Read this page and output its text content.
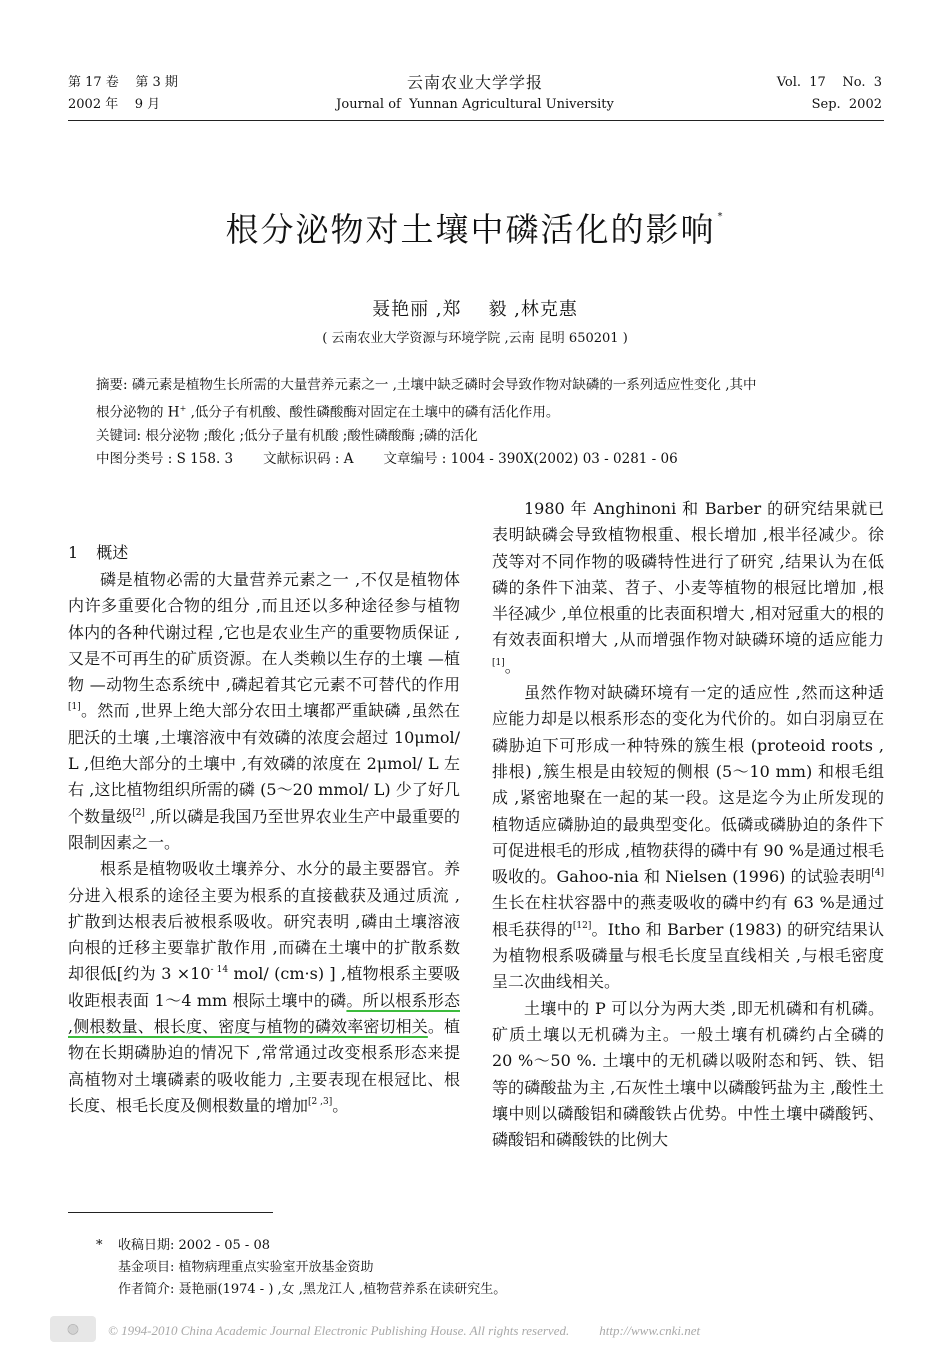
第 17 卷    第 3 期
2002 年    9 月
云南农业大学学报
Journal of  Yunnan Agricultural University
Vol.  17    No.  3
Sep.  2002
根分泌物对土壤中磷活化的影响 *
聂艳丽 ,郑    毅 ,林克惠
( 云南农业大学资源与环境学院 ,云南 昆明 650201 )

摘要: 磷元素是植物生长所需的大量营养元素之一 ,土壤中缺乏磷时会导致作物对缺磷的一系列适应性变化 ,其中

根分泌物的 H+ ,低分子有机酸、酸性磷酸酶对固定在土壤中的磷有活化作用。

关键词: 根分泌物 ;酸化 ;低分子量有机酸 ;酸性磷酸酶 ;磷的活化

中图分类号 : S 158. 3 文献标识码 : A 文章编号 : 1004 - 390X(2002) 03 - 0281 - 06

1 概述

磷是植物必需的大量营养元素之一 ,不仅是植物体内许多重要化合物的组分 ,而且还以多种途径参与植物体内的各种代谢过程 ,它也是农业生产的重要物质保证 ,又是不可再生的矿质资源。在人类赖以生存的土壤 —植物 —动物生态系统中 ,磷起着其它元素不可替代的作用[1]。然而 ,世界上绝大部分农田土壤都严重缺磷 ,虽然在肥沃的土壤 ,土壤溶液中有效磷的浓度会超过 10μmol/ L ,但绝大部分的土壤中 ,有效磷的浓度在 2μmol/ L 左右 ,这比植物组织所需的磷 (5～20 mmol/ L) 少了好几个数量级[2] ,所以磷是我国乃至世界农业生产中最重要的限制因素之一。

根系是植物吸收土壤养分、水分的最主要器官。养分进入根系的途径主要为根系的直接截获及通过质流 ,扩散到达根表后被根系吸收。研究表明 ,磷由土壤溶液向根的迁移主要靠扩散作用 ,而磷在土壤中的扩散系数却很低[约为 3 ×10$^{- 14}$ mol/ (cm·s) ] ,植物根系主要吸收距根表面 1～4 mm 根际土壤中的磷。所以根系形态 ,侧根数量、根长度、密度与植物的磷效率密切相关。植物在长期磷胁迫的情况下 ,常常通过改变根系形态来提高植物对土壤磷素的吸收能力 ,主要表现在根冠比、根长度、根毛长度及侧根数量的增加[2 ,3]。

1980 年 Anghinoni 和 Barber 的研究结果就已表明缺磷会导致植物根重、根长增加 ,根半径减少。徐茂等对不同作物的吸磷特性进行了研究 ,结果认为在低磷的条件下油菜、苕子、小麦等植物的根冠比增加 ,根半径减少 ,单位根重的比表面积增大 ,相对冠重大的根的有效表面积增大 ,从而增强作物对缺磷环境的适应能力[1]。

虽然作物对缺磷环境有一定的适应性 ,然而这种适应能力却是以根系形态的变化为代价的。如白羽扇豆在磷胁迫下可形成一种特殊的簇生根 (proteoid roots ,排根) ,簇生根是由较短的侧根 (5～10 mm) 和根毛组成 ,紧密地聚在一起的某一段。这是迄今为止所发现的植物适应磷胁迫的最典型变化。低磷或磷胁迫的条件下可促进根毛的形成 ,植物获得的磷中有 90 %是通过根毛吸收的。Gahoo-nia 和 Nielsen (1996) 的试验表明[4]生长在柱状容器中的燕麦吸收的磷中约有 63 %是通过根毛获得的[12]。Itho 和 Barber (1983) 的研究结果认为植物根系吸磷量与根毛长度呈直线相关 ,与根毛密度呈二次曲线相关。

土壤中的 P 可以分为两大类 ,即无机磷和有机磷。矿质土壤以无机磷为主。一般土壤有机磷约占全磷的 20 %～50 %. 土壤中的无机磷以吸附态和钙、铁、铝等的磷酸盐为主 ,石灰性土壤中以磷酸钙盐为主 ,酸性土壤中则以磷酸铝和磷酸铁占优势。中性土壤中磷酸钙、磷酸铝和磷酸铁的比例大

* 收稿日期: 2002 - 05 - 08

基金项目: 植物病理重点实验室开放基金资助

作者简介: 聂艳丽(1974 - ) ,女 ,黑龙江人 ,植物营养系在读研究生。

◍	© 1994-2010 China Academic Journal Electronic Publishing House. All rights reserved. http://www.cnki.net
